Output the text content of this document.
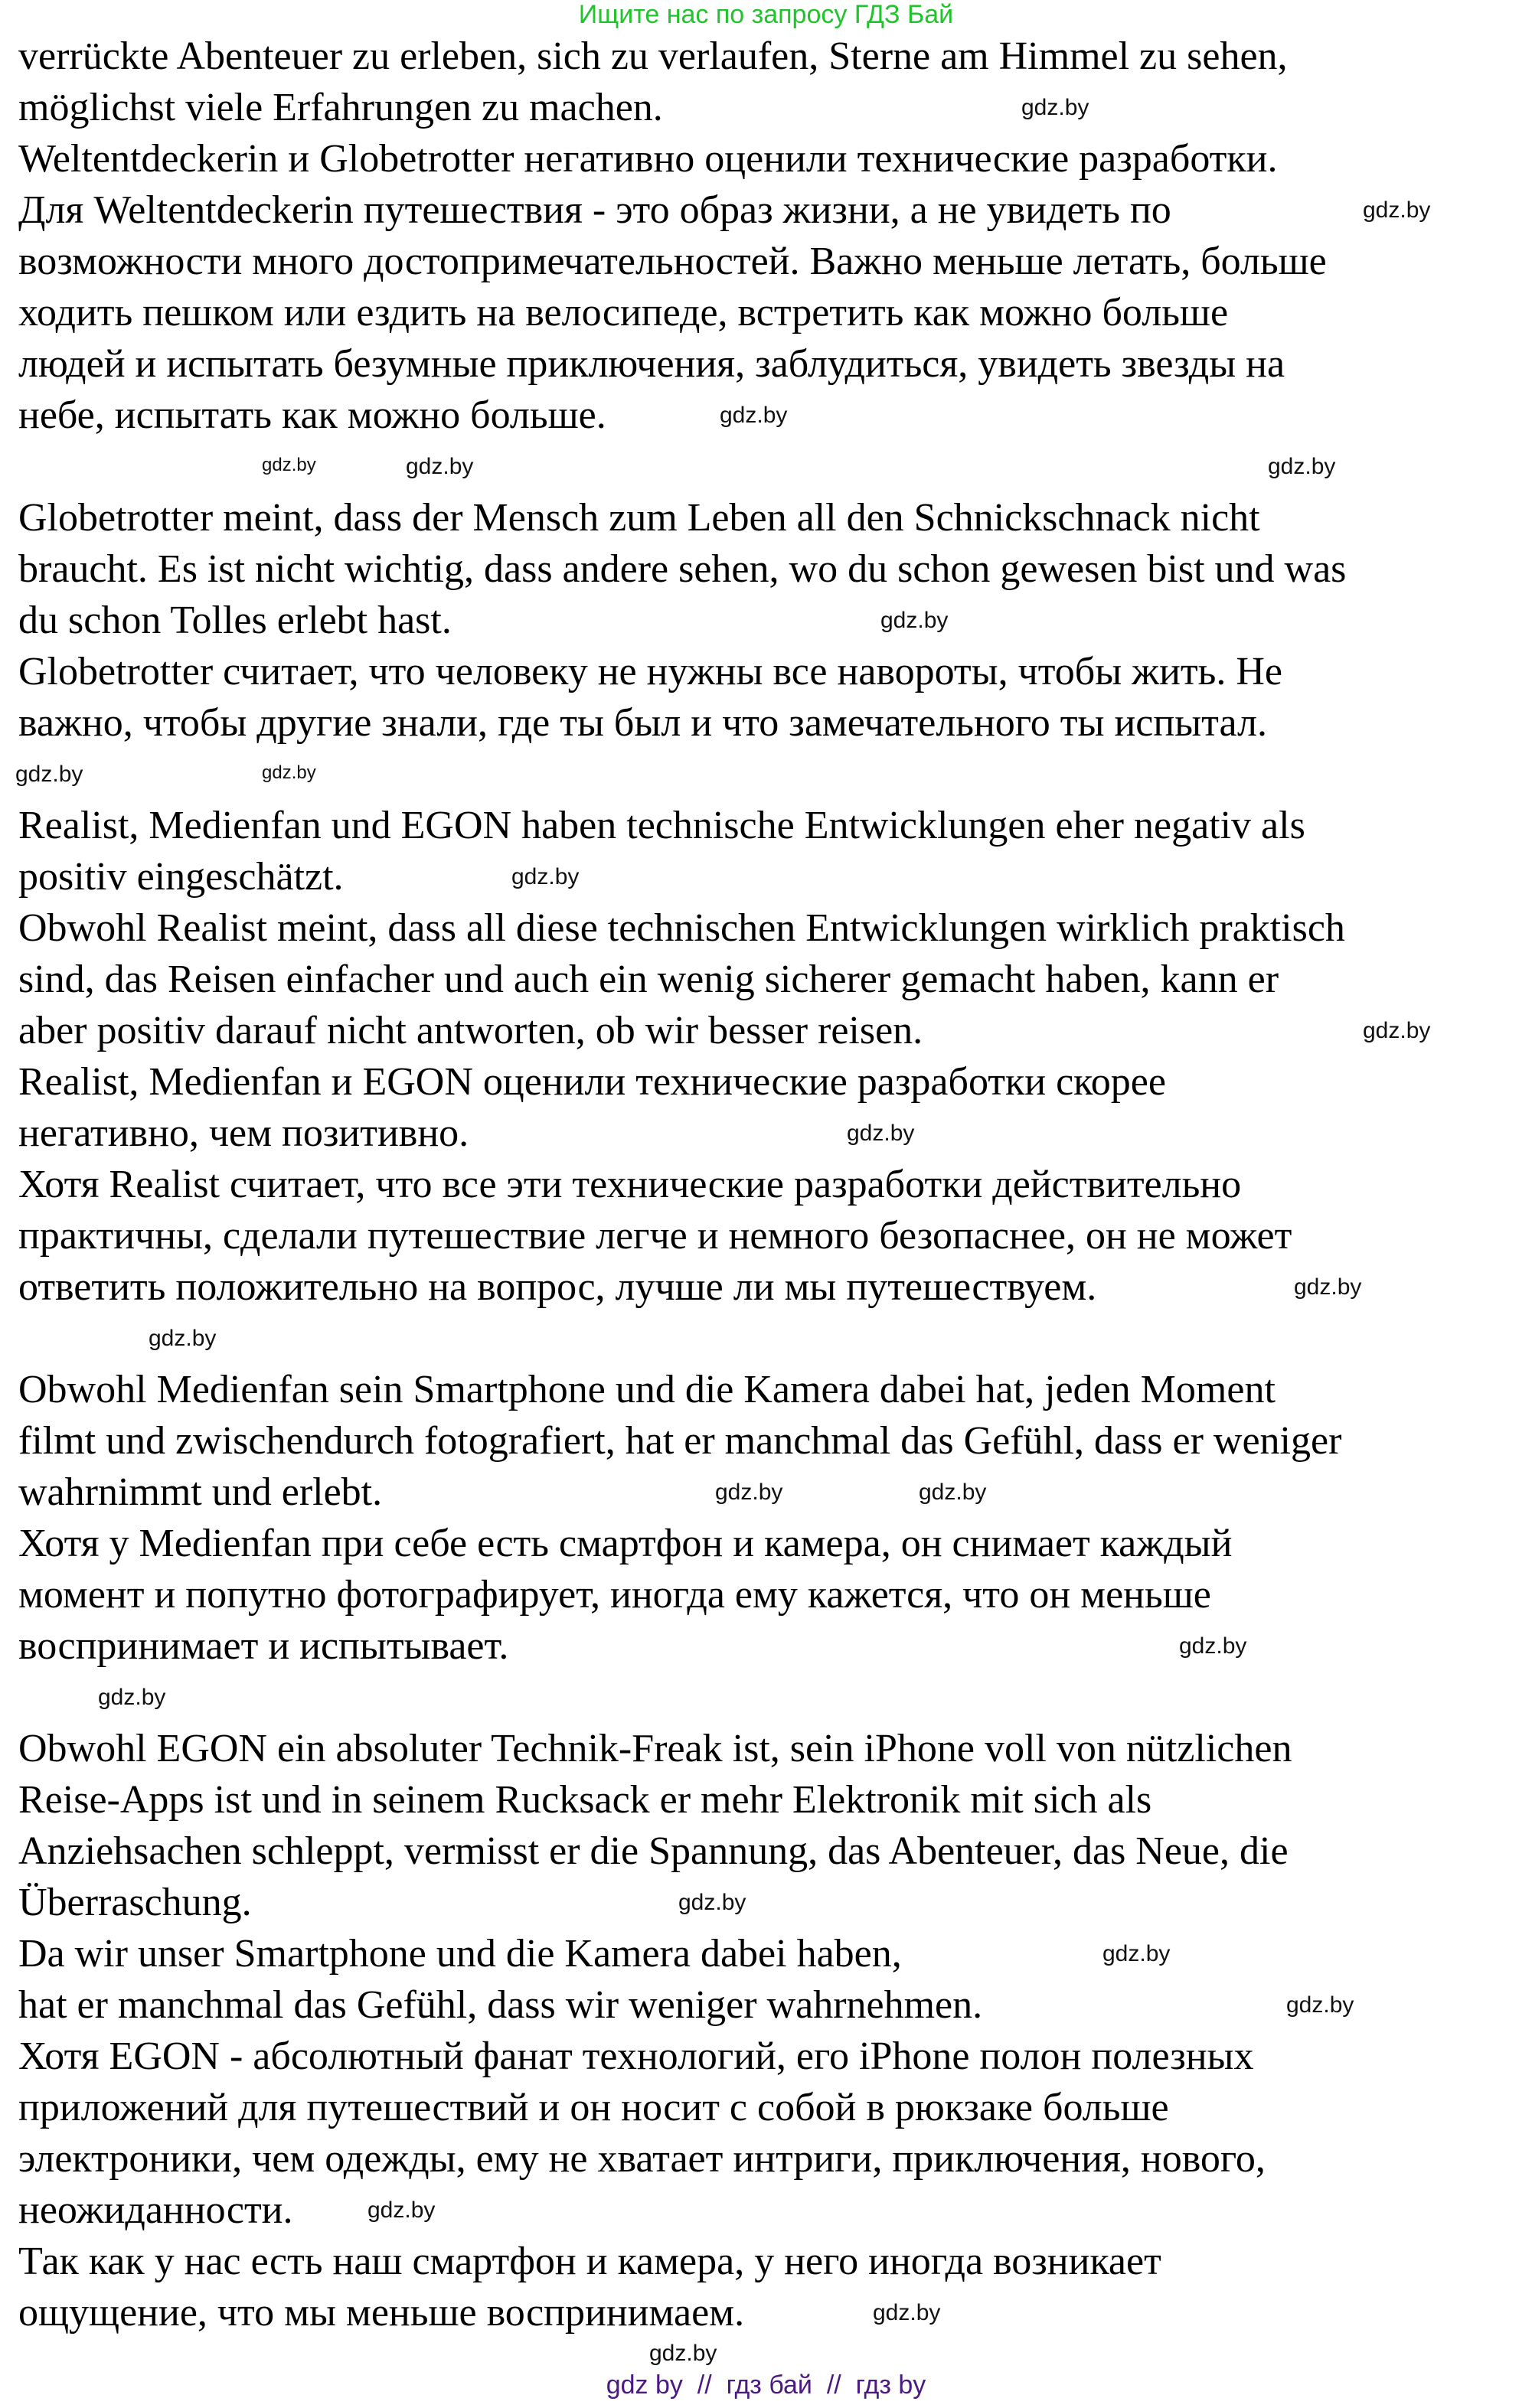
Ищите нас по запросу ГДЗ Бай
verrückte Abenteuer zu erleben, sich zu verlaufen, Sterne am Himmel zu sehen,
möglichst viele Erfahrungen zu machen.
Weltentdeckerin и Globetrotter негативно оценили технические разработки.
Для Weltentdeckerin путешествия - это образ жизни, а не увидеть по
возможности много достопримечательностей. Важно меньше летать, больше
ходить пешком или ездить на велосипеде, встретить как можно больше
людей и испытать безумные приключения, заблудиться, увидеть звезды на
небе, испытать как можно больше.
Globetrotter meint, dass der Mensch zum Leben all den Schnickschnack nicht
braucht. Es ist nicht wichtig, dass andere sehen, wo du schon gewesen bist und was
du schon Tolles erlebt hast.
Globetrotter считает, что человеку не нужны все навороты, чтобы жить. Не
важно, чтобы другие знали, где ты был и что замечательного ты испытал.
Realist, Medienfan und EGON haben technische Entwicklungen eher negativ als
positiv eingeschätzt.
Obwohl Realist meint, dass all diese technischen Entwicklungen wirklich praktisch
sind, das Reisen einfacher und auch ein wenig sicherer gemacht haben, kann er
aber positiv darauf nicht antworten, ob wir besser reisen.
Realist, Medienfan и EGON оценили технические разработки скорее
негативно, чем позитивно.
Хотя Realist считает, что все эти технические разработки действительно
практичны, сделали путешествие легче и немного безопаснее, он не может
ответить положительно на вопрос, лучше ли мы путешествуем.
Obwohl Medienfan sein Smartphone und die Kamera dabei hat, jeden Moment
filmt und zwischendurch fotografiert, hat er manchmal das Gefühl, dass er weniger
wahrnimmt und erlebt.
Хотя у Medienfan при себе есть смартфон и камера, он снимает каждый
момент и попутно фотографирует, иногда ему кажется, что он меньше
воспринимает и испытывает.
Obwohl EGON ein absoluter Technik-Freak ist, sein iPhone voll von nützlichen
Reise-Apps ist und in seinem Rucksack er mehr Elektronik mit sich als
Anziehsachen schleppt, vermisst er die Spannung, das Abenteuer, das Neue, die
Überraschung.
Da wir unser Smartphone und die Kamera dabei haben,
hat er manchmal das Gefühl, dass wir weniger wahrnehmen.
Хотя EGON - абсолютный фанат технологий, его iPhone полон полезных
приложений для путешествий и он носит с собой в рюкзаке больше
электроники, чем одежды, ему не хватает интриги, приключения, нового,
неожиданности.
Так как у нас есть наш смартфон и камера, у него иногда возникает
ощущение, что мы меньше воспринимаем.
gdz.by
gdz.by
gdz.by
gdz.by
gdz.by
gdz.by
gdz.by
gdz.by
gdz.by
gdz.by
gdz.by
gdz.by
gdz.by
gdz.by
gdz.by	gdz.by
gdz.by
gdz.by
gdz.by
gdz.by
gdz.by
gdz.by
gdz.by
gdz.by
gdz by  //  гдз бай  //  гдз by
